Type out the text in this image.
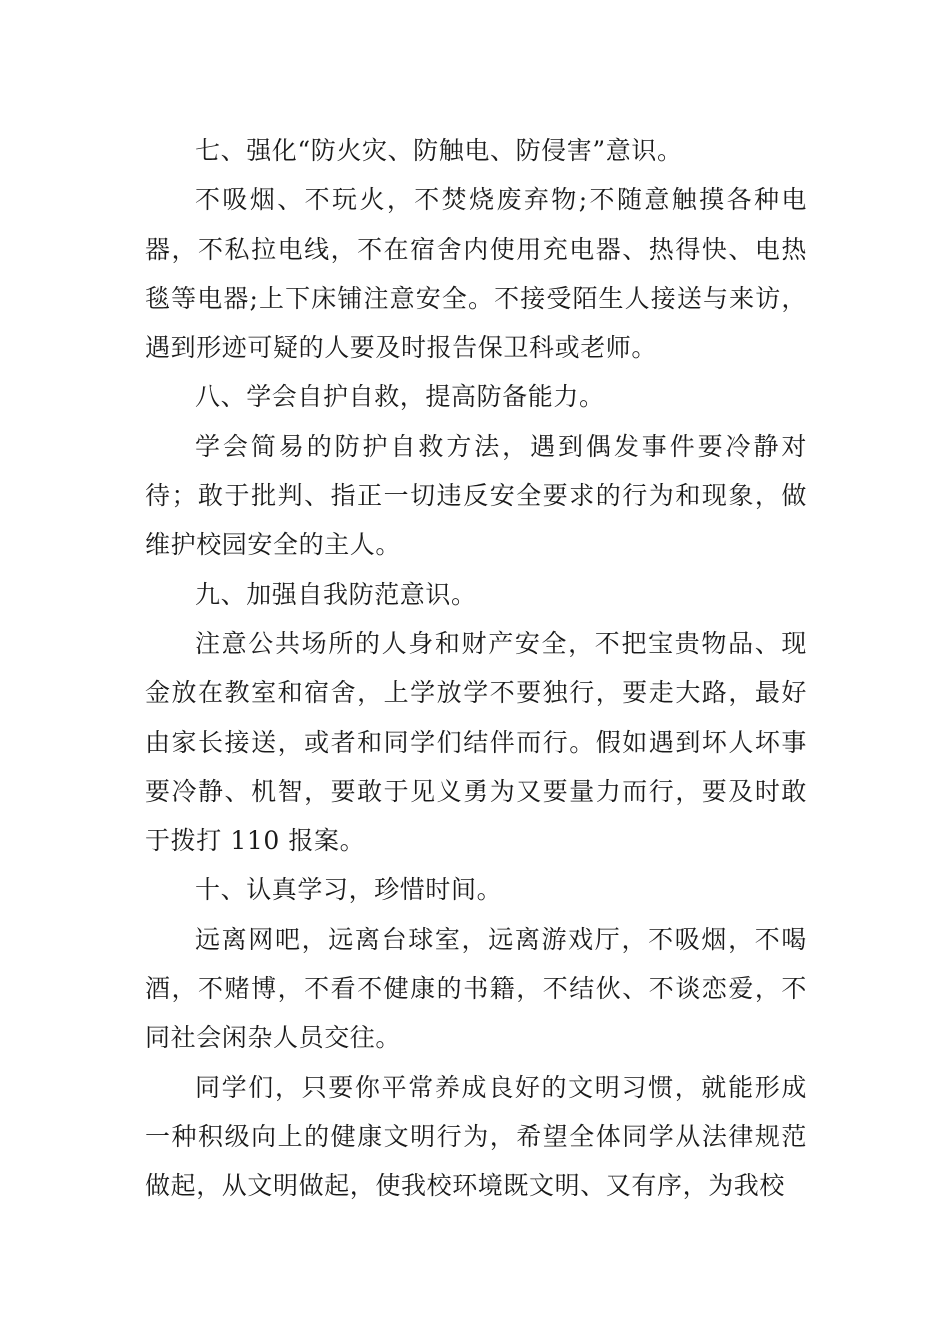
七、强化“防火灾、防触电、防侵害”意识。

不吸烟、不玩火，不焚烧废弃物;不随意触摸各种电器，不私拉电线，不在宿舍内使用充电器、热得快、电热毯等电器;上下床铺注意安全。不接受陌生人接送与来访，遇到形迹可疑的人要及时报告保卫科或老师。

八、学会自护自救，提高防备能力。

学会简易的防护自救方法，遇到偶发事件要冷静对待；敢于批判、指正一切违反安全要求的行为和现象，做维护校园安全的主人。

九、加强自我防范意识。

注意公共场所的人身和财产安全，不把宝贵物品、现金放在教室和宿舍，上学放学不要独行，要走大路，最好由家长接送，或者和同学们结伴而行。假如遇到坏人坏事要冷静、机智，要敢于见义勇为又要量力而行，要及时敢于拨打 110 报案。

十、认真学习，珍惜时间。

远离网吧，远离台球室，远离游戏厅，不吸烟，不喝酒，不赌博，不看不健康的书籍，不结伙、不谈恋爱，不同社会闲杂人员交往。

同学们，只要你平常养成良好的文明习惯，就能形成一种积级向上的健康文明行为，希望全体同学从法律规范做起，从文明做起，使我校环境既文明、又有序，为我校
